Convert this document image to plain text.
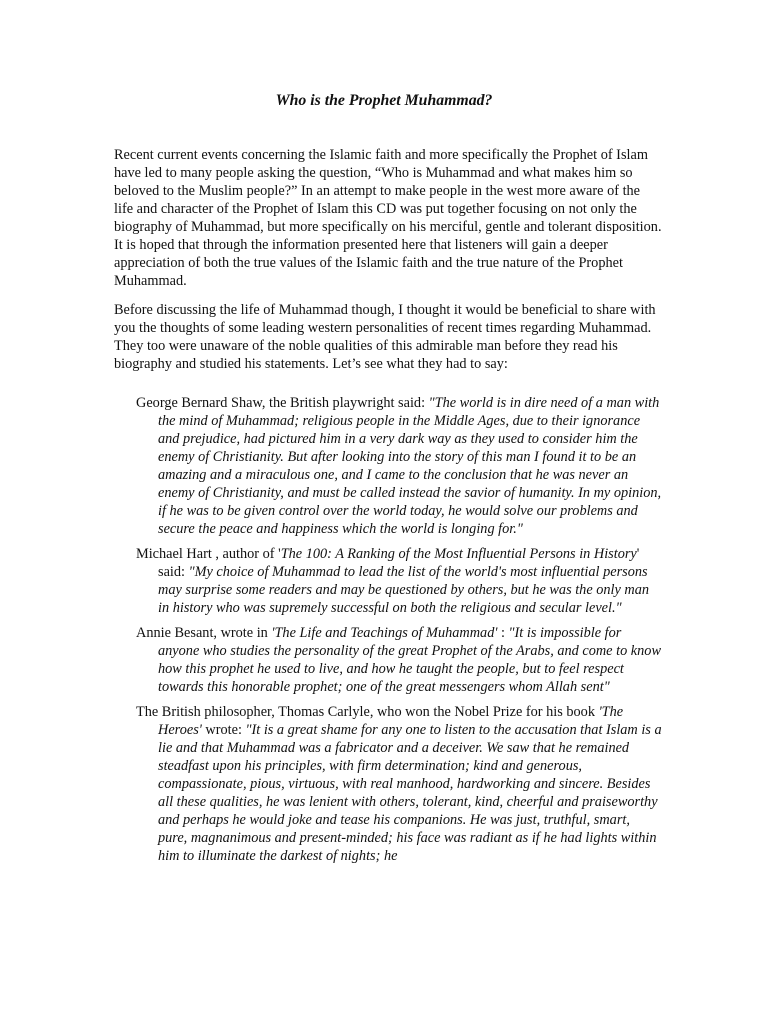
Who is the Prophet Muhammad?

Recent current events concerning the Islamic faith and more specifically the Prophet of Islam have led to many people asking the question, “Who is Muhammad and what makes him so beloved to the Muslim people?” In an attempt to make people in the west more aware of the life and character of the Prophet of Islam this CD was put together focusing on not only the biography of Muhammad, but more specifically on his merciful, gentle and tolerant disposition. It is hoped that through the information presented here that listeners will gain a deeper appreciation of both the true values of the Islamic faith and the true nature of the Prophet Muhammad.

Before discussing the life of Muhammad though, I thought it would be beneficial to share with you the thoughts of some leading western personalities of recent times regarding Muhammad. They too were unaware of the noble qualities of this admirable man before they read his biography and studied his statements. Let’s see what they had to say:

George Bernard Shaw, the British playwright said: "The world is in dire need of a man with the mind of Muhammad; religious people in the Middle Ages, due to their ignorance and prejudice, had pictured him in a very dark way as they used to consider him the enemy of Christianity. But after looking into the story of this man I found it to be an amazing and a miraculous one, and I came to the conclusion that he was never an enemy of Christianity, and must be called instead the savior of humanity. In my opinion, if he was to be given control over the world today, he would solve our problems and secure the peace and happiness which the world is longing for."
Michael Hart , author of 'The 100: A Ranking of the Most Influential Persons in History' said: "My choice of Muhammad to lead the list of the world's most influential persons may surprise some readers and may be questioned by others, but he was the only man in history who was supremely successful on both the religious and secular level."
Annie Besant, wrote in 'The Life and Teachings of Muhammad' : "It is impossible for anyone who studies the personality of the great Prophet of the Arabs, and come to know how this prophet he used to live, and how he taught the people, but to feel respect towards this honorable prophet; one of the great messengers whom Allah sent"
The British philosopher, Thomas Carlyle, who won the Nobel Prize for his book 'The Heroes' wrote: "It is a great shame for any one to listen to the accusation that Islam is a lie and that Muhammad was a fabricator and a deceiver. We saw that he remained steadfast upon his principles, with firm determination; kind and generous, compassionate, pious, virtuous, with real manhood, hardworking and sincere. Besides all these qualities, he was lenient with others, tolerant, kind, cheerful and praiseworthy and perhaps he would joke and tease his companions. He was just, truthful, smart, pure, magnanimous and present-minded; his face was radiant as if he had lights within him to illuminate the darkest of nights; he
